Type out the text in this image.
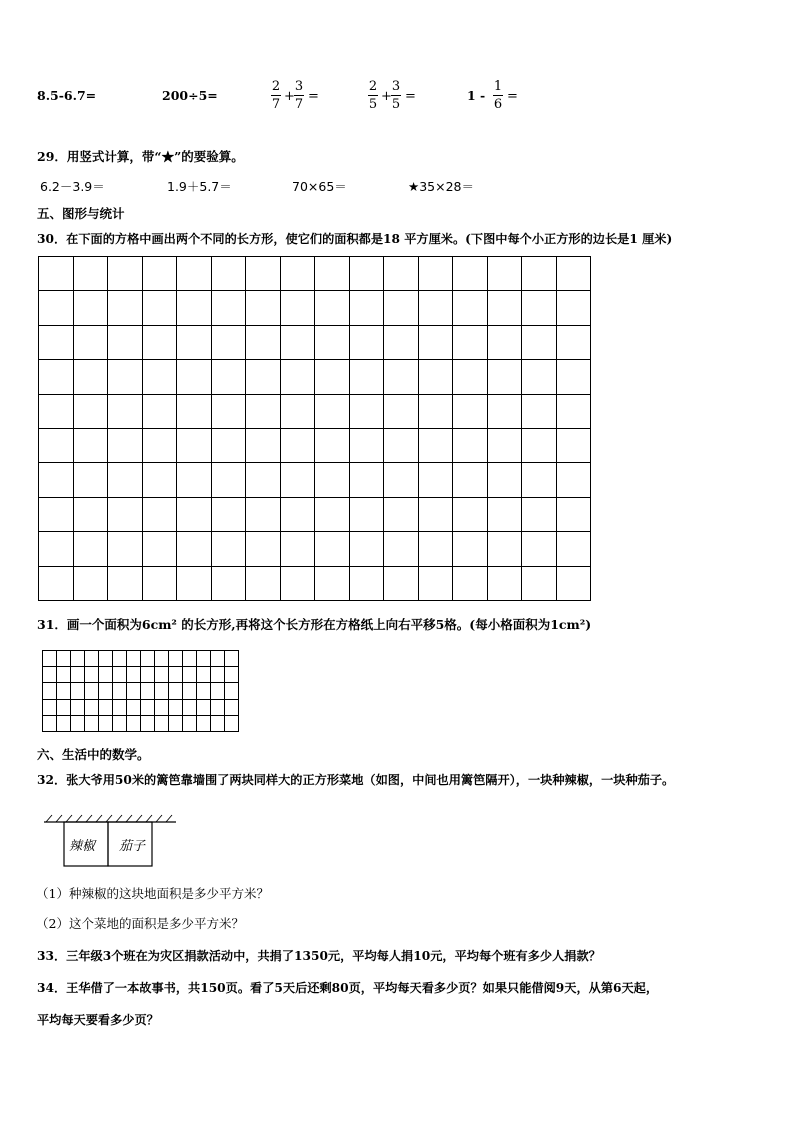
8.5-6.7=	200÷5=
2
7
+
3
7
=
2
5
+
3
5
=	1 -
1
6
=
29．用竖式计算，带“★”的要验算。
6.2－3.9＝	1.9＋5.7＝	70×65＝	★35×28＝
五、图形与统计
30．在下面的方格中画出两个不同的长方形，使它们的面积都是18 平方厘米。(下图中每个小正方形的边长是1 厘米)
31．画一个面积为6cm² 的长方形,再将这个长方形在方格纸上向右平移5格。(每小格面积为1cm²)
六、生活中的数学。
32．张大爷用50米的篱笆靠墙围了两块同样大的正方形菜地（如图，中间也用篱笆隔开），一块种辣椒，一块种茄子。
辣椒 茄子
（1）种辣椒的这块地面积是多少平方米？
（2）这个菜地的面积是多少平方米？
33．三年级3个班在为灾区捐款活动中，共捐了1350元，平均每人捐10元，平均每个班有多少人捐款？
34．王华借了一本故事书，共150页。看了5天后还剩80页，平均每天看多少页？如果只能借阅9天，从第6天起，
平均每天要看多少页？
